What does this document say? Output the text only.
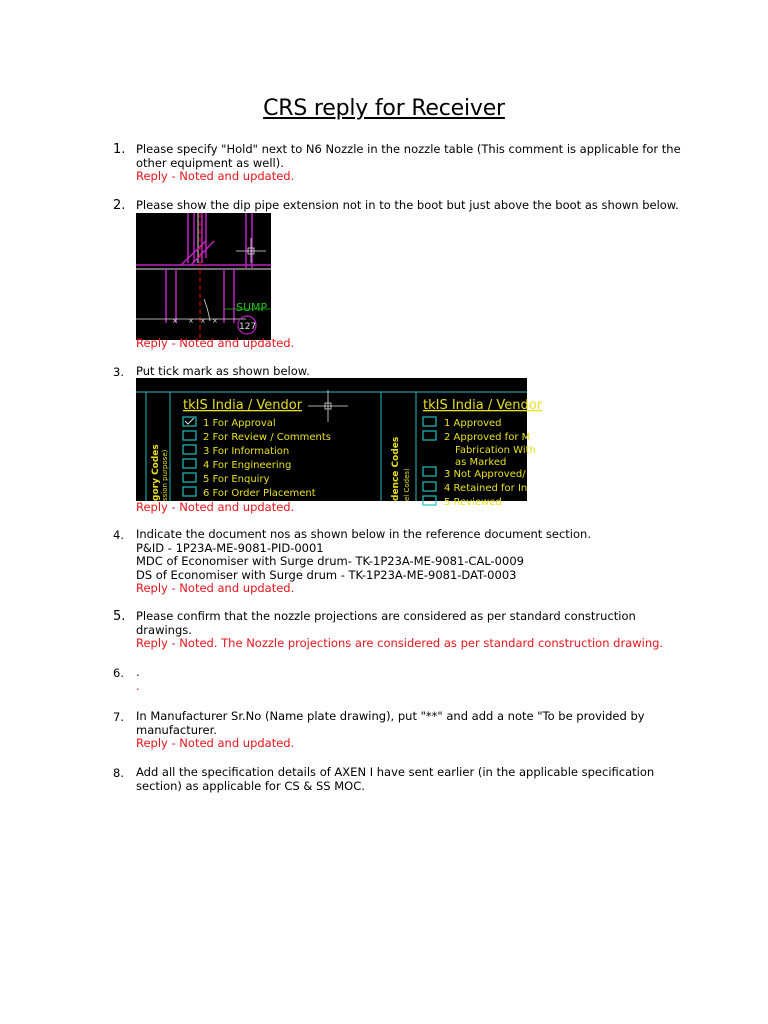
CRS reply for Receiver
1. Please specify "Hold" next to N6 Nozzle in the nozzle table (This comment is applicable for the
other equipment as well).
Reply - Noted and updated.
2. Please show the dip pipe extension not in to the boot but just above the boot as shown below.
× × × ×
SUMP
127
Reply - Noted and updated.
3. Put tick mark as shown below.
tkIS India / Vendor
gory Codes ssion purpose)
1 For Approval
2 For Review / Comments
3 For Information
4 For Engineering
5 For Enquiry
6 For Order Placement
tkIS India / Vendor
dence Codes el Codes)
1 Approved
2 Approved for M
Fabrication With
as Marked
3 Not Approved/
4 Retained for In
5 Reviewed
Reply - Noted and updated.
4. Indicate the document nos as shown below in the reference document section.
P&ID - 1P23A-ME-9081-PID-0001
MDC of Economiser with Surge drum- TK-1P23A-ME-9081-CAL-0009
DS of Economiser with Surge drum - TK-1P23A-ME-9081-DAT-0003
Reply - Noted and updated.
5. Please confirm that the nozzle projections are considered as per standard construction
drawings.
Reply - Noted. The Nozzle projections are considered as per standard construction drawing.
6. .
.
7. In Manufacturer Sr.No (Name plate drawing), put "**" and add a note "To be provided by
manufacturer.
Reply - Noted and updated.
8. Add all the specification details of AXEN I have sent earlier (in the applicable specification
section) as applicable for CS & SS MOC.
